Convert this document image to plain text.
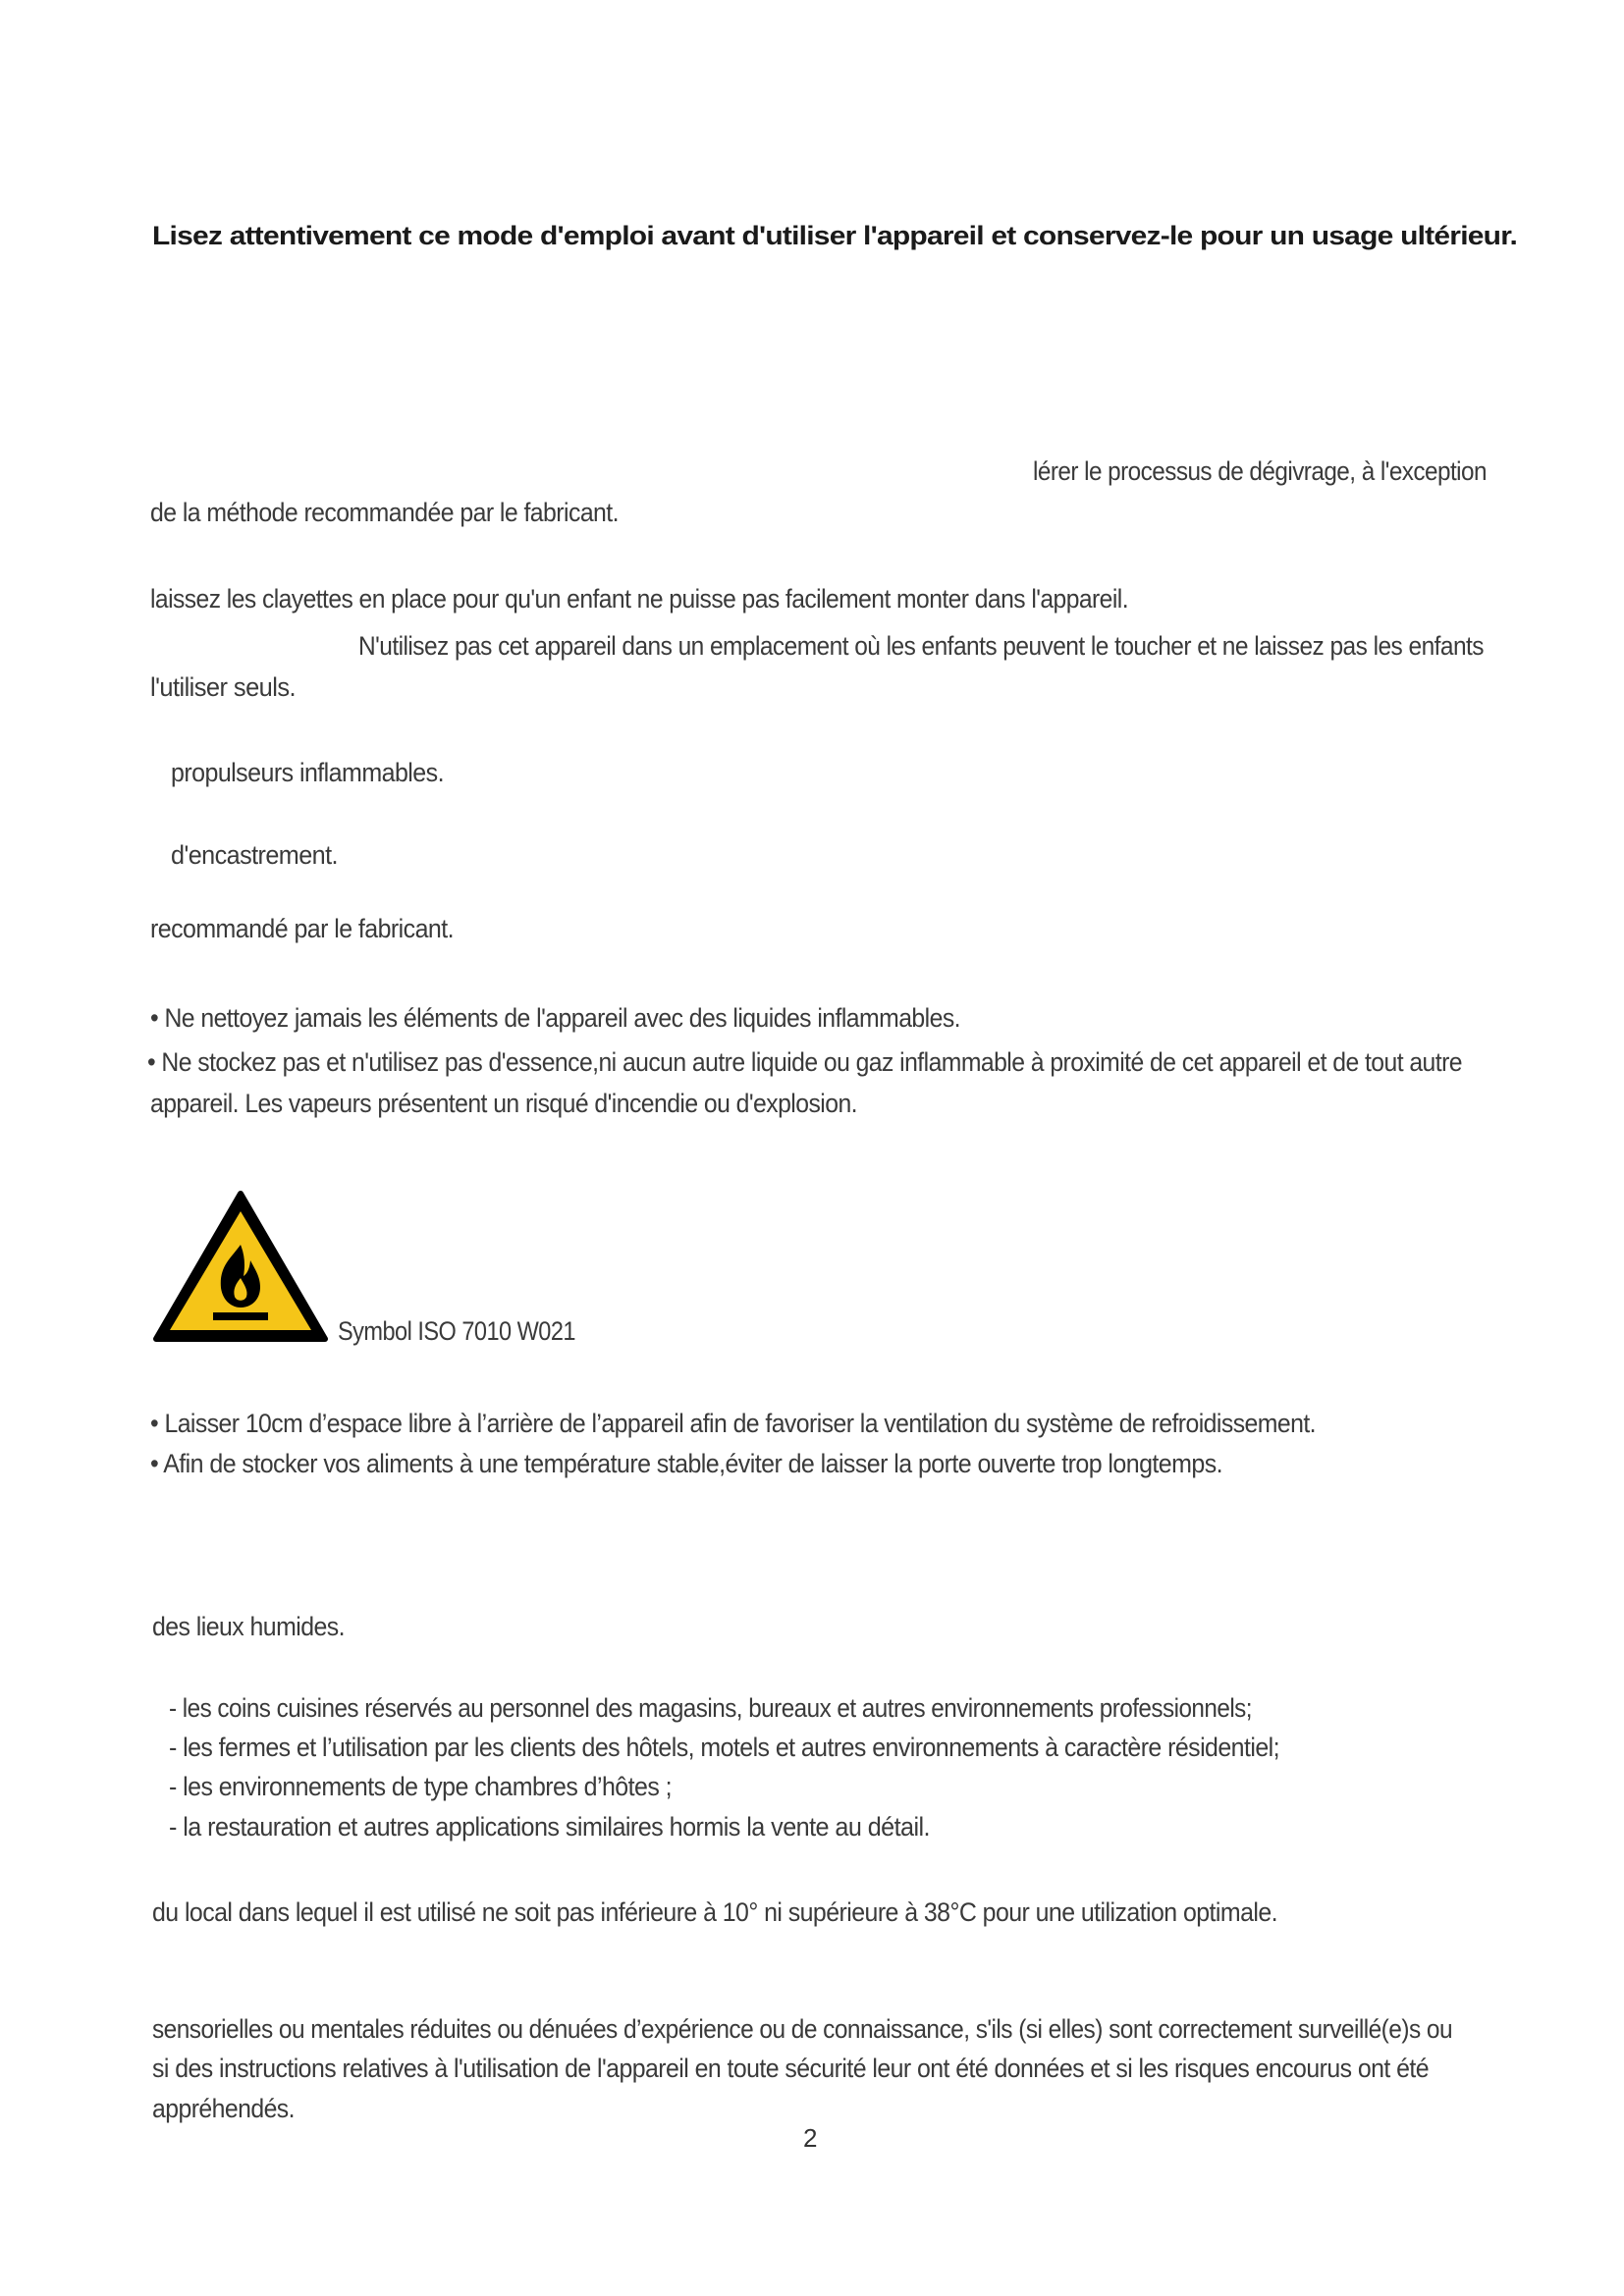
Lisez attentivement ce mode d'emploi avant d'utiliser l'appareil et conservez-le pour un usage ultérieur.
lérer le processus de dégivrage, à l'exception
de la méthode recommandée par le fabricant.
laissez les clayettes en place pour qu'un enfant ne puisse pas facilement monter dans l'appareil.
N'utilisez pas cet appareil dans un emplacement où les enfants peuvent le toucher et ne laissez pas les enfants
l'utiliser seuls.
propulseurs inflammables.
d'encastrement.
recommandé par le fabricant.
• Ne nettoyez jamais les éléments de l'appareil avec des liquides inflammables.
• Ne stockez pas et n'utilisez pas d'essence,ni aucun autre liquide ou gaz inflammable à proximité de cet appareil et de tout autre
appareil. Les vapeurs présentent un risqué d'incendie ou d'explosion.
Symbol ISO 7010 W021
• Laisser 10cm d’espace libre à l’arrière de l’appareil afin de favoriser la ventilation du système de refroidissement.
• Afin de stocker vos aliments à une température stable,éviter de laisser la porte ouverte trop longtemps.
des lieux humides.
- les coins cuisines réservés au personnel des magasins, bureaux et autres environnements professionnels;
- les fermes et l’utilisation par les clients des hôtels, motels et autres environnements à caractère résidentiel;
- les environnements de type chambres d’hôtes ;
- la restauration et autres applications similaires hormis la vente au détail.
du local dans lequel il est utilisé ne soit pas inférieure à 10° ni supérieure à 38°C pour une utilization optimale.
sensorielles ou mentales réduites ou dénuées d’expérience ou de connaissance, s'ils (si elles) sont correctement surveillé(e)s ou
si des instructions relatives à l'utilisation de l'appareil en toute sécurité leur ont été données et si les risques encourus ont été
appréhendés.
2
